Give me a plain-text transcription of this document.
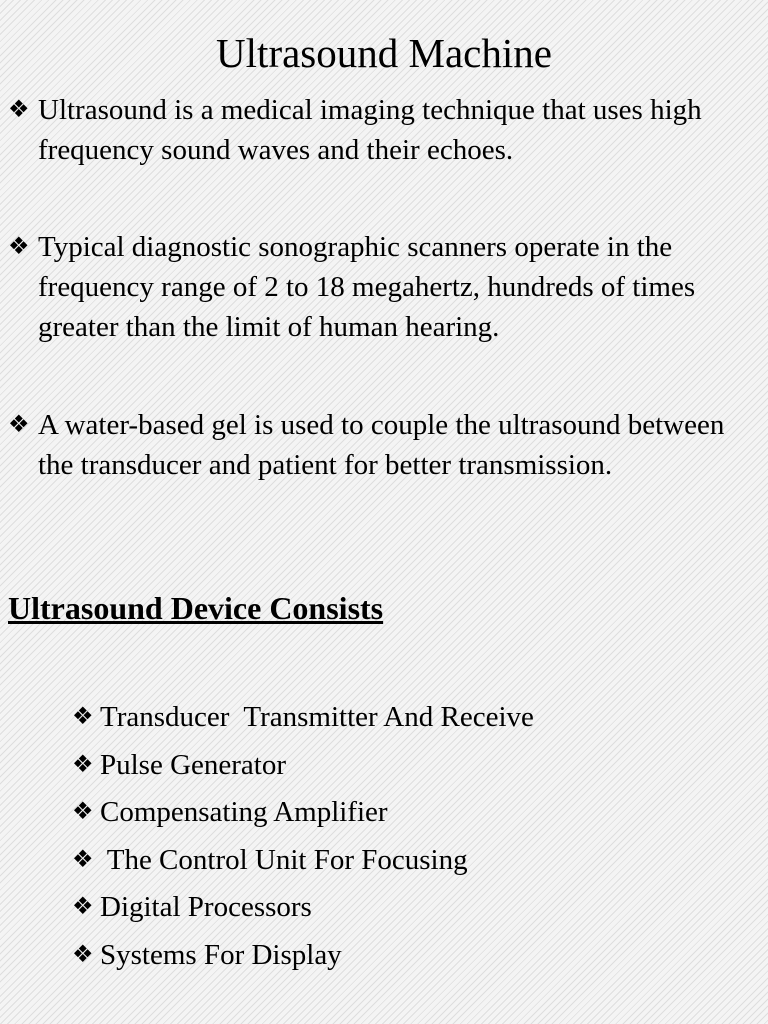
Ultrasound Machine

❖ Ultrasound is a medical imaging technique that uses high frequency sound waves and their echoes.

❖ Typical diagnostic sonographic scanners operate in the frequency range of 2 to 18 megahertz, hundreds of times greater than the limit of human hearing.

❖ A water-based gel is used to couple the ultrasound between the transducer and patient for better transmission.

Ultrasound Device Consists
❖ Transducer  Transmitter And Receive
❖ Pulse Generator
❖ Compensating Amplifier
❖ The Control Unit For Focusing
❖ Digital Processors
❖ Systems For Display
